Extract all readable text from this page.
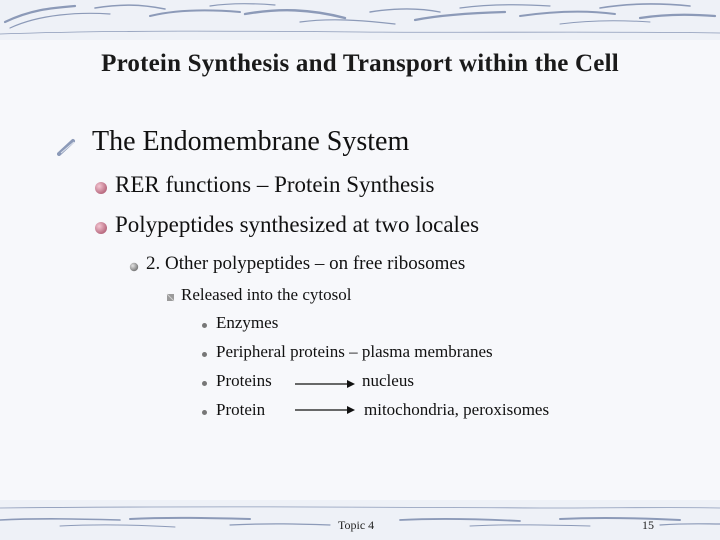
Protein Synthesis and Transport within the Cell
The Endomembrane System
RER functions – Protein Synthesis
Polypeptides synthesized at two locales
2. Other polypeptides – on free ribosomes
Released into the cytosol
Enzymes
Peripheral proteins – plasma membranes
Proteins	nucleus
Protein	mitochondria, peroxisomes
Topic 4	15
